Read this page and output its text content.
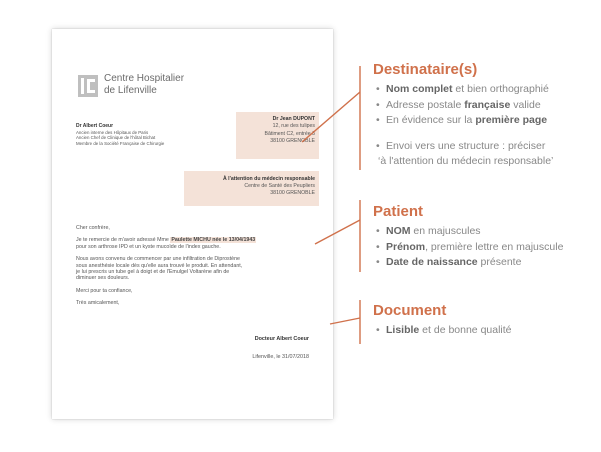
Centre Hospitalier
de Lifenville
Dr Albert Coeur
Ancien interne des Hôpitaux de Paris
Ancien Chef de Clinique de l'hôtal Bichat
Membre de la Société Française de Chirurgie
Dr Jean DUPONT
12, rue des tulipes
Bâtiment C2, entrée 3
38100 GRENOBLE
À l'attention du médecin responsable
Centre de Santé des Peupliers
38100 GRENOBLE

Cher confrère,

Je te remercie de m'avoir adressé Mme Paulette MICHU née le 13/04/1943
pour son arthrose IPD et un kyste mucoïde de l'index gauche.

Nous avons convenu de commencer par une infiltration de Diprostène
sous anesthésie locale dès qu'elle aura trouvé le produit. En attendant,
je lui prescris un tube gel à doigt et de l'Emulgel Voltarène afin de
diminuer ses douleurs.

Merci pour ta confiance,

Très amicalement,

Docteur Albert Coeur
Lifenville, le 31/07/2018
Destinataire(s)
• Nom complet et bien orthographié
• Adresse postale française valide
• En évidence sur la première page
• Envoi vers une structure : préciser
‘à l'attention du médecin responsable’
Patient
• NOM en majuscules
• Prénom, première lettre en majuscule
• Date de naissance présente
Document
• Lisible et de bonne qualité
